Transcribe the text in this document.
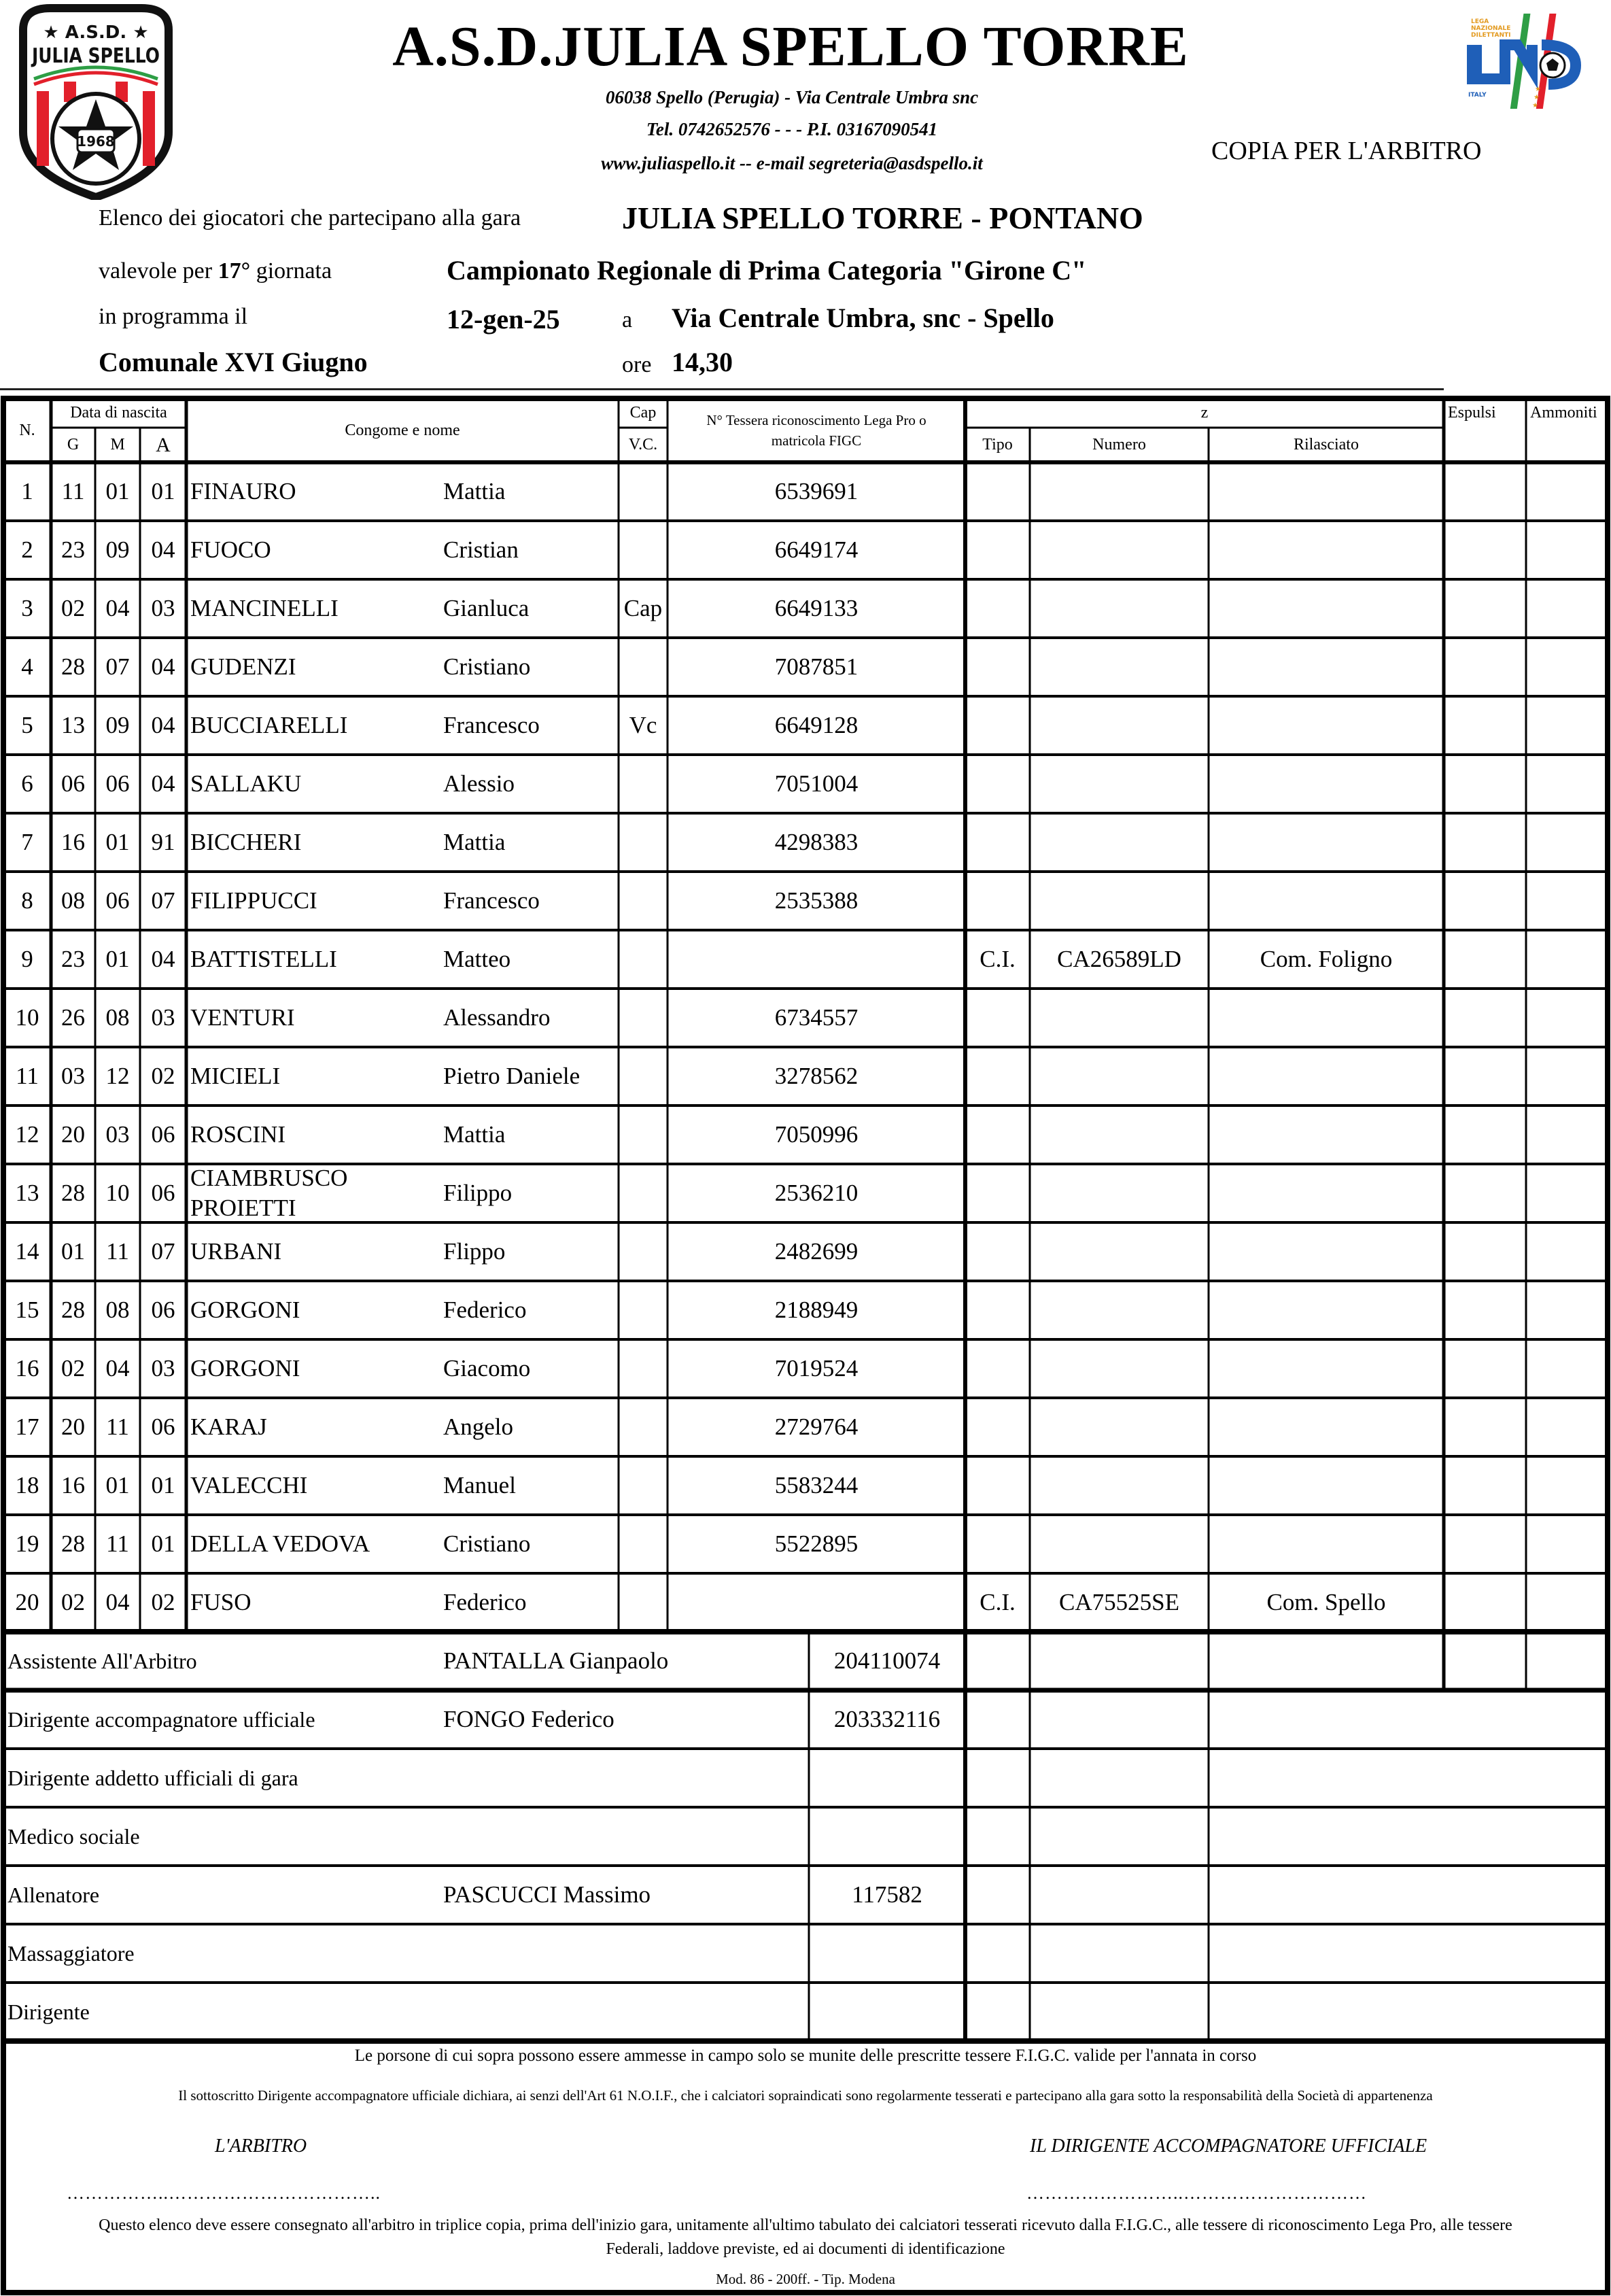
★ A.S.D. ★
JULIA SPELLO
1968
LEGA
NAZIONALE
DILETTANTI
ITALY
★
★
★
A.S.D.JULIA SPELLO TORRE
06038 Spello (Perugia) - Via Centrale Umbra snc
Tel. 0742652576 - - - P.I. 03167090541
www.juliaspello.it -- e-mail segreteria@asdspello.it	COPIA PER L'ARBITRO
Elenco dei giocatori che partecipano alla gara	JULIA SPELLO TORRE - PONTANO
valevole per 17° giornata	Campionato Regionale di Prima Categoria "Girone C"
in programma il	12-gen-25	a Via Centrale Umbra, snc - Spello
Comunale XVI Giugno	ore 14,30
N.
Data di nascita
G	M	A
Congome e nome
Cap
V.C.
N° Tessera riconoscimento Lega Pro o
matricola FIGC
z
Tipo	Numero	Rilasciato
Espulsi	Ammoniti
1	11 01 01 FINAURO	Mattia	6539691
2	23 09 04 FUOCO	Cristian	6649174
3	02 04 03 MANCINELLI	Gianluca	Cap	6649133
4	28 07 04 GUDENZI	Cristiano	7087851
5	13 09 04 BUCCIARELLI	Francesco	Vc	6649128
6	06 06 04 SALLAKU	Alessio	7051004
7	16 01 91 BICCHERI	Mattia	4298383
8	08 06 07 FILIPPUCCI	Francesco	2535388
9	23 01 04 BATTISTELLI	Matteo	C.I.	CA26589LD	Com. Foligno
10 26 08 03 VENTURI	Alessandro	6734557
11 03 12 02 MICIELI	Pietro Daniele	3278562
12 20 03 06 ROSCINI	Mattia	7050996
13 28 10 06
CIAMBRUSCO
PROIETTI
Filippo	2536210
14 01 11 07 URBANI	Flippo	2482699
15 28 08 06 GORGONI	Federico	2188949
16 02 04 03 GORGONI	Giacomo	7019524
17 20 11 06 KARAJ	Angelo	2729764
18 16 01 01 VALECCHI	Manuel	5583244
19 28 11 01 DELLA VEDOVA	Cristiano	5522895
20 02 04 02 FUSO	Federico	C.I.	CA75525SE	Com. Spello
Assistente All'Arbitro	PANTALLA Gianpaolo	204110074
Dirigente accompagnatore ufficiale	FONGO Federico	203332116
Dirigente addetto ufficiali di gara
Medico sociale
Allenatore	PASCUCCI Massimo	117582
Massaggiatore
Dirigente
Le porsone di cui sopra possono essere ammesse in campo solo se munite delle prescritte tessere F.I.G.C. valide per l'annata in corso
Il sottoscritto Dirigente accompagnatore ufficiale dichiara, ai senzi dell'Art 61 N.O.I.F., che i calciatori sopraindicati sono regolarmente tesserati e partecipano alla gara sotto la responsabilità della Società di appartenenza
L'ARBITRO	IL DIRIGENTE ACCOMPAGNATORE UFFICIALE
……………..……………………………..	……………………..…………………………
Questo elenco deve essere consegnato all'arbitro in triplice copia, prima dell'inizio gara, unitamente all'ultimo tabulato dei calciatori tesserati ricevuto dalla F.I.G.C., alle tessere di riconoscimento Lega Pro, alle tessere
Federali, laddove previste, ed ai documenti di identificazione
Mod. 86 - 200ff. - Tip. Modena
